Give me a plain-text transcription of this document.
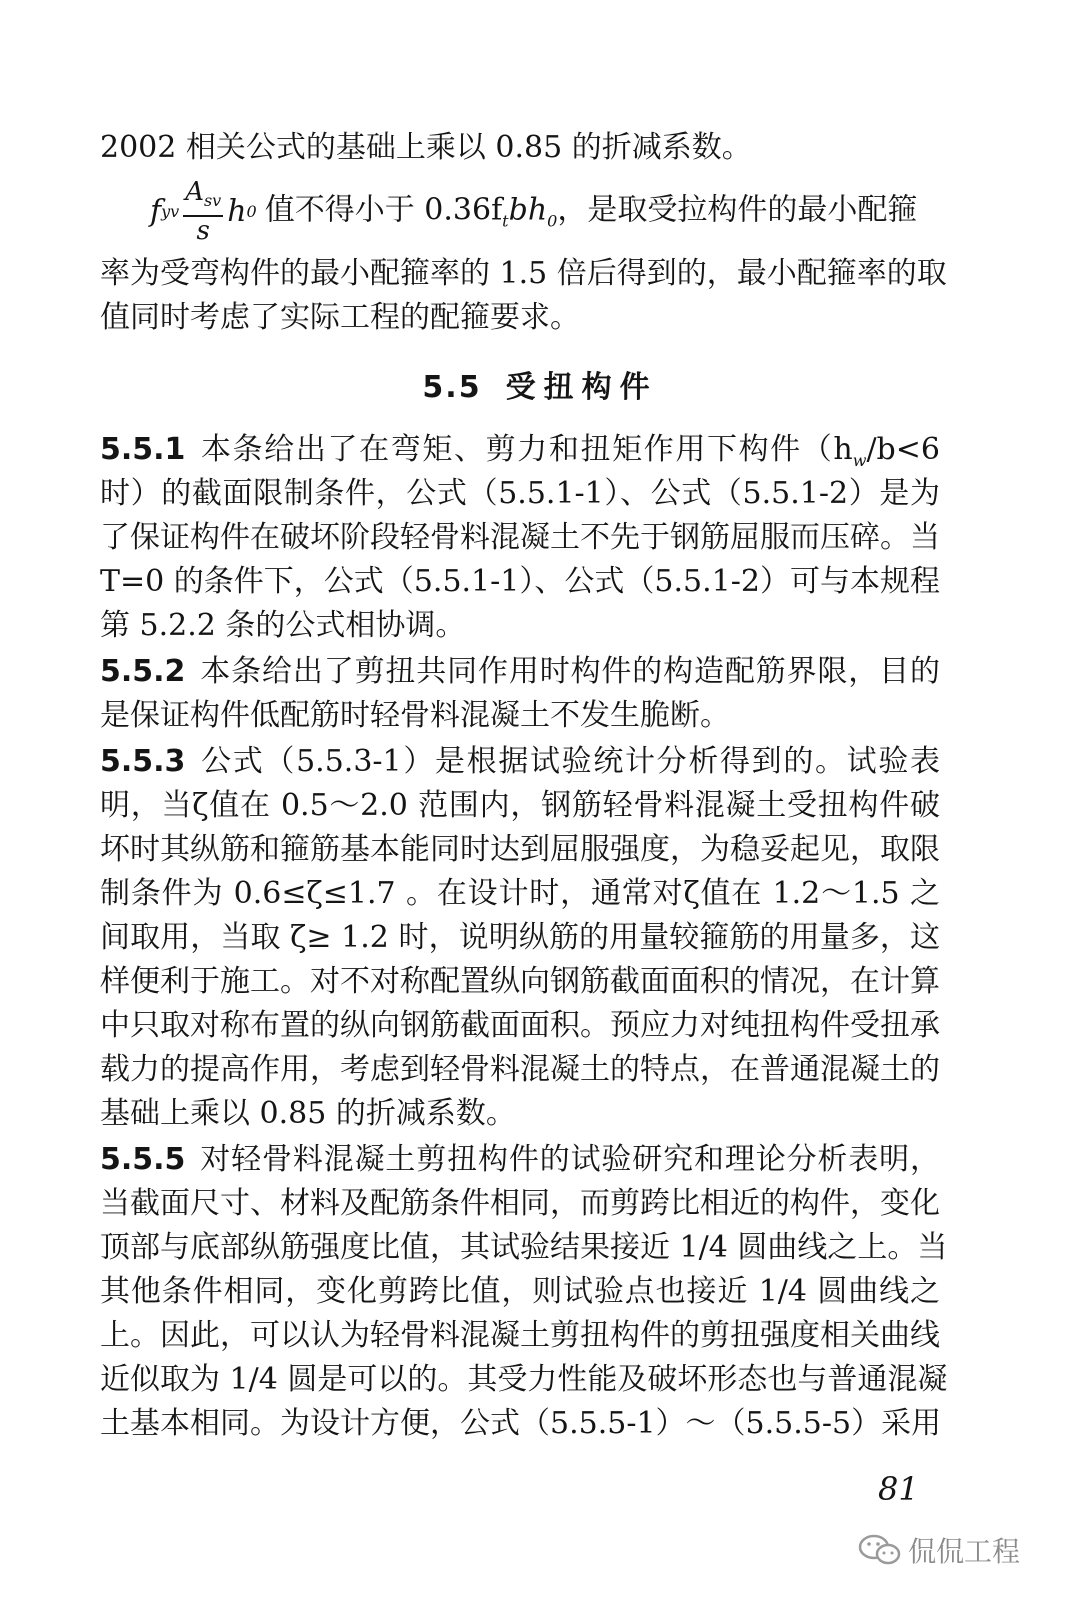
2002 相关公式的基础上乘以 0.85 的折减系数。
f yv $\frac{A_{sv}}{s}$ h 0 值不得小于 $0.36f_tbh_0$，是取受拉构件的最小配箍
率为受弯构件的最小配箍率的 1.5 倍后得到的，最小配箍率的取
值同时考虑了实际工程的配箍要求。
5.5 受扭构件
5.5.1 本条给出了在弯矩、剪力和扭矩作用下构件（$h_w/b<6$
时）的截面限制条件，公式（5.5.1-1）、公式（5.5.1-2）是为
了保证构件在破坏阶段轻骨料混凝土不先于钢筋屈服而压碎。当
T=0 的条件下，公式（5.5.1-1）、公式（5.5.1-2）可与本规程
第 5.2.2 条的公式相协调。
5.5.2 本条给出了剪扭共同作用时构件的构造配筋界限，目的
是保证构件低配筋时轻骨料混凝土不发生脆断。
5.5.3 公式（5.5.3-1）是根据试验统计分析得到的。试验表
明，当ζ值在 0.5～2.0 范围内，钢筋轻骨料混凝土受扭构件破
坏时其纵筋和箍筋基本能同时达到屈服强度，为稳妥起见，取限
制条件为 0.6≤ζ≤1.7 。在设计时，通常对ζ值在 1.2～1.5 之
间取用，当取 ζ≥ 1.2 时，说明纵筋的用量较箍筋的用量多，这
样便利于施工。对不对称配置纵向钢筋截面面积的情况，在计算
中只取对称布置的纵向钢筋截面面积。预应力对纯扭构件受扭承
载力的提高作用，考虑到轻骨料混凝土的特点，在普通混凝土的
基础上乘以 0.85 的折减系数。
5.5.5 对轻骨料混凝土剪扭构件的试验研究和理论分析表明，
当截面尺寸、材料及配筋条件相同，而剪跨比相近的构件，变化
顶部与底部纵筋强度比值，其试验结果接近 1/4 圆曲线之上。当
其他条件相同，变化剪跨比值，则试验点也接近 1/4 圆曲线之
上。因此，可以认为轻骨料混凝土剪扭构件的剪扭强度相关曲线
近似取为 1/4 圆是可以的。其受力性能及破坏形态也与普通混凝
土基本相同。为设计方便，公式（5.5.5-1）～（5.5.5-5）采用
81
侃侃工程
